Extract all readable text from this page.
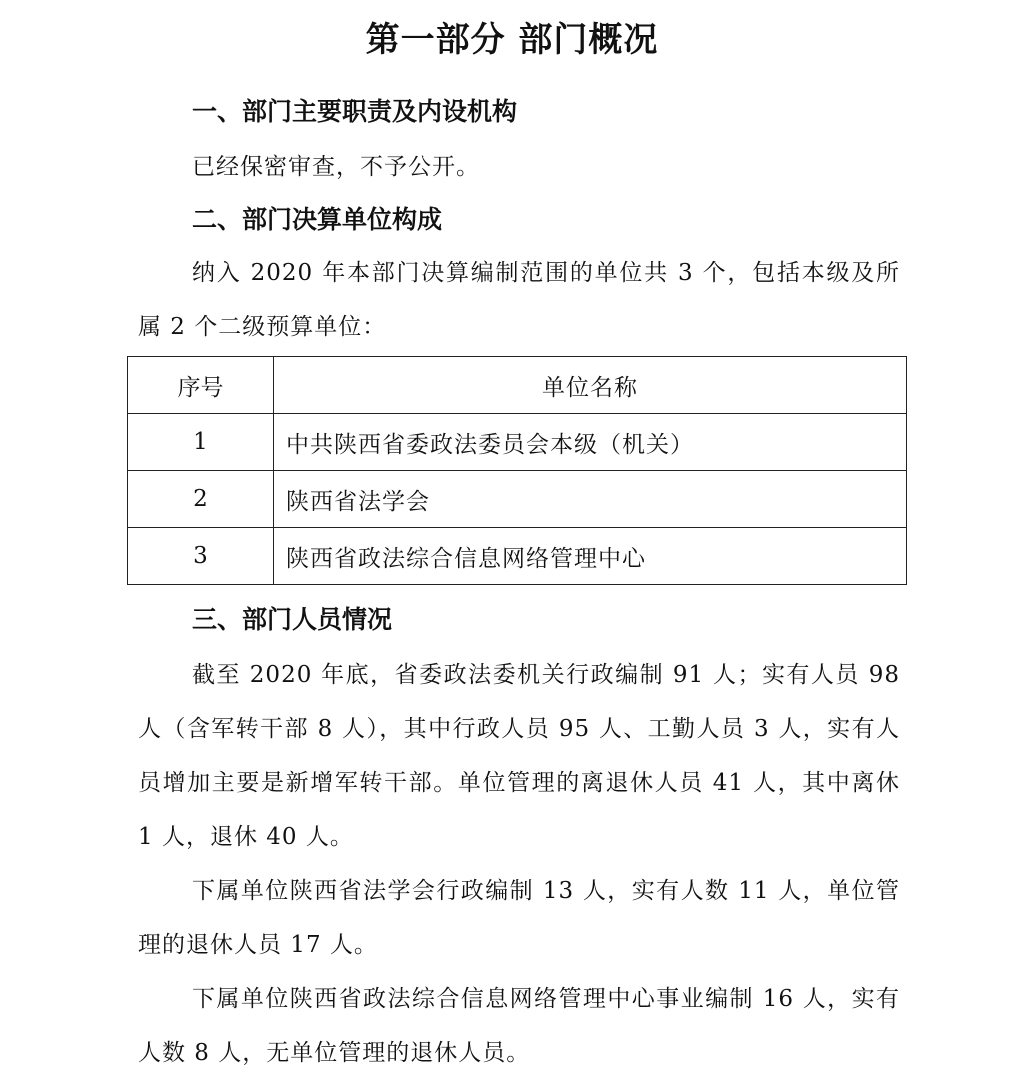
第一部分 部门概况
一、部门主要职责及内设机构

已经保密审查，不予公开。

二、部门决算单位构成

纳入 2020 年本部门决算编制范围的单位共 3 个，包括本级及所属 2 个二级预算单位：

序号	单位名称
1	中共陕西省委政法委员会本级（机关）
2	陕西省法学会
3	陕西省政法综合信息网络管理中心
三、部门人员情况

截至 2020 年底，省委政法委机关行政编制 91 人；实有人员 98 人（含军转干部 8 人），其中行政人员 95 人、工勤人员 3 人，实有人员增加主要是新增军转干部。单位管理的离退休人员 41 人，其中离休 1 人，退休 40 人。

下属单位陕西省法学会行政编制 13 人，实有人数 11 人，单位管理的退休人员 17 人。

下属单位陕西省政法综合信息网络管理中心事业编制 16 人，实有人数 8 人，无单位管理的退休人员。
